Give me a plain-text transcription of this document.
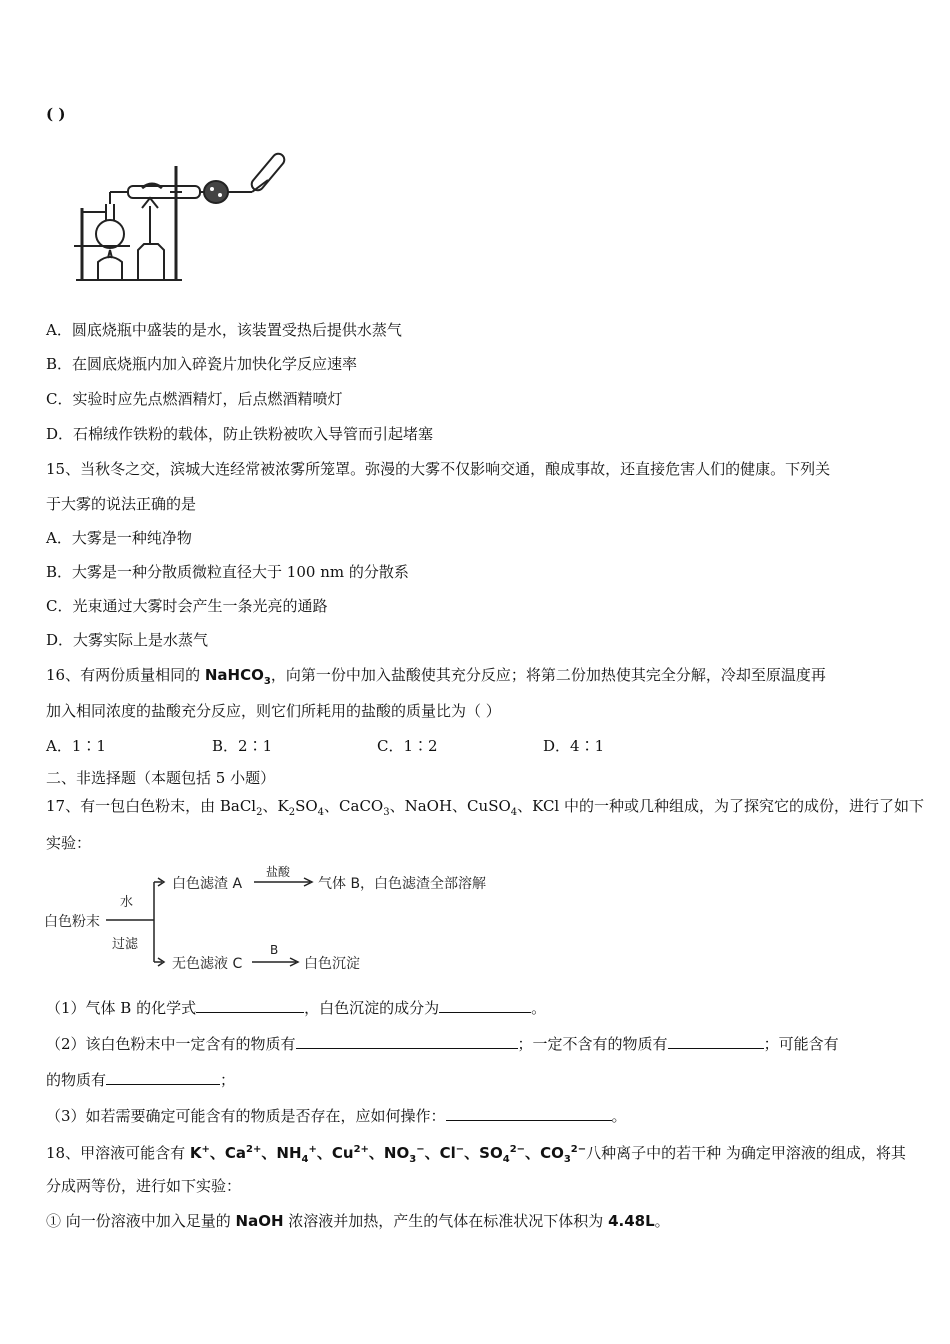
( )
A．圆底烧瓶中盛装的是水，该装置受热后提供水蒸气
B．在圆底烧瓶内加入碎瓷片加快化学反应速率
C．实验时应先点燃酒精灯，后点燃酒精喷灯
D．石棉绒作铁粉的载体，防止铁粉被吹入导管而引起堵塞
15、当秋冬之交，滨城大连经常被浓雾所笼罩。弥漫的大雾不仅影响交通，酿成事故，还直接危害人们的健康。下列关
于大雾的说法正确的是
A．大雾是一种纯净物
B．大雾是一种分散质微粒直径大于 100 nm 的分散系
C．光束通过大雾时会产生一条光亮的通路
D．大雾实际上是水蒸气
16、有两份质量相同的 NaHCO$_3$，向第一份中加入盐酸使其充分反应；将第二份加热使其完全分解，冷却至原温度再
加入相同浓度的盐酸充分反应，则它们所耗用的盐酸的质量比为（ ）
A．1∶1	B．2∶1	C．1∶2	D．4∶1
二、非选择题（本题包括 5 小题）
17、有一包白色粉末，由 BaCl$_2$、$K_2SO_4$、CaCO$_3$、NaOH、CuSO$_4$、KCl 中的一种或几种组成，为了探究它的成份，进行了如下
实验：
白色粉末
水
过滤
白色滤渣 A
盐酸
气体 B，白色滤渣全部溶解
无色滤液 C
B
白色沉淀
（1）气体 B 的化学式	，白色沉淀的成分为	。
（2）该白色粉末中一定含有的物质有	；一定不含有的物质有	；可能含有
的物质有	；
（3）如若需要确定可能含有的物质是否存在，应如何操作：	。
18、甲溶液可能含有 K+、$Ca^{2+}$、$NH_4^+$、$Cu^{2+}$、$NO_3^-$、Cl−、$SO_4^{2-}$、$CO_3^{2-}$八种离子中的若干种 为确定甲溶液的组成，将其
分成两等份，进行如下实验：
① 向一份溶液中加入足量的 NaOH 浓溶液并加热，产生的气体在标准状况下体积为 4.48L。
